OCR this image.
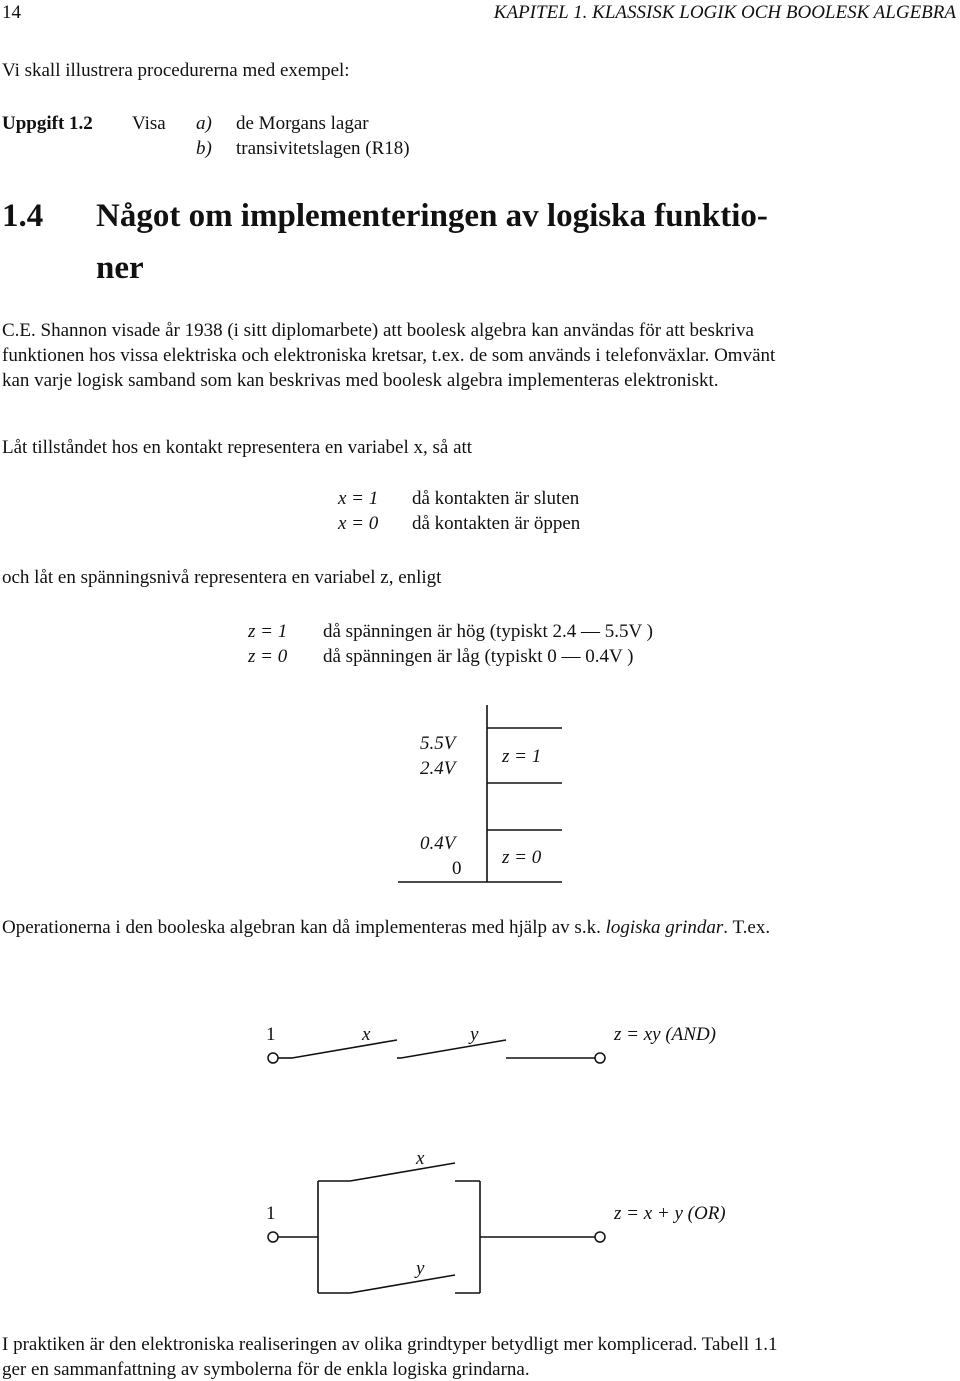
14	KAPITEL 1. KLASSISK LOGIK OCH BOOLESK ALGEBRA
Vi skall illustrera procedurerna med exempel:
Uppgift 1.2 Visa a) de Morgans lagar
b) transivitetslagen (R18)
1.4 Något om implementeringen av logiska funktio-
ner
C.E. Shannon visade år 1938 (i sitt diplomarbete) att boolesk algebra kan användas för att beskriva
funktionen hos vissa elektriska och elektroniska kretsar, t.ex. de som används i telefonväxlar. Omvänt
kan varje logisk samband som kan beskrivas med boolesk algebra implementeras elektroniskt.
Låt tillståndet hos en kontakt representera en variabel x, så att
x = 1 då kontakten är sluten
x = 0 då kontakten är öppen
och låt en spänningsnivå representera en variabel z, enligt
z = 1 då spänningen är hög (typiskt 2.4 — 5.5V )
z = 0 då spänningen är låg (typiskt 0 — 0.4V )
5.5V
2.4V
z = 1
0.4V
0
z = 0
Operationerna i den booleska algebran kan då implementeras med hjälp av s.k. logiska grindar. T.ex.
1	x	y	z = xy (AND)
x
1	z = x + y (OR)
y
I praktiken är den elektroniska realiseringen av olika grindtyper betydligt mer komplicerad. Tabell 1.1
ger en sammanfattning av symbolerna för de enkla logiska grindarna.
